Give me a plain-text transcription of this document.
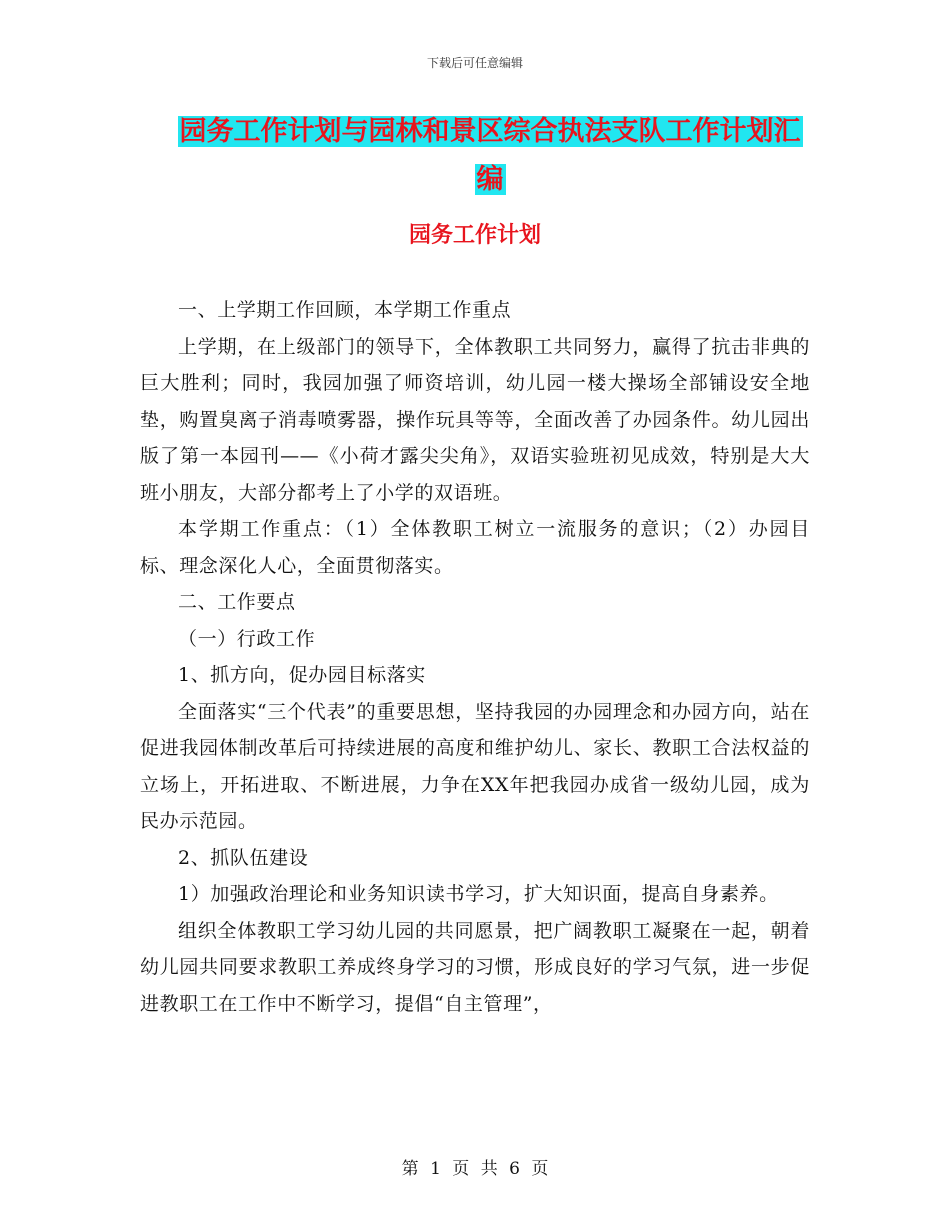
下载后可任意编辑
园务工作计划与园林和景区综合执法支队工作计划汇
编
园务工作计划

一、上学期工作回顾，本学期工作重点

上学期，在上级部门的领导下，全体教职工共同努力，赢得了抗击非典的巨大胜利；同时，我园加强了师资培训，幼儿园一楼大操场全部铺设安全地垫，购置臭离子消毒喷雾器，操作玩具等等，全面改善了办园条件。幼儿园出版了第一本园刊——《小荷才露尖尖角》，双语实验班初见成效，特别是大大班小朋友，大部分都考上了小学的双语班。

本学期工作重点：（1）全体教职工树立一流服务的意识；（2）办园目标、理念深化人心，全面贯彻落实。

二、工作要点

（一）行政工作

1、抓方向，促办园目标落实

全面落实“三个代表”的重要思想，坚持我园的办园理念和办园方向，站在促进我园体制改革后可持续进展的高度和维护幼儿、家长、教职工合法权益的立场上，开拓进取、不断进展，力争在XX年把我园办成省一级幼儿园，成为民办示范园。

2、抓队伍建设

1）加强政治理论和业务知识读书学习，扩大知识面，提高自身素养。

组织全体教职工学习幼儿园的共同愿景，把广阔教职工凝聚在一起，朝着幼儿园共同要求教职工养成终身学习的习惯，形成良好的学习气氛，进一步促进教职工在工作中不断学习，提倡“自主管理”，

第 1 页 共 6 页
